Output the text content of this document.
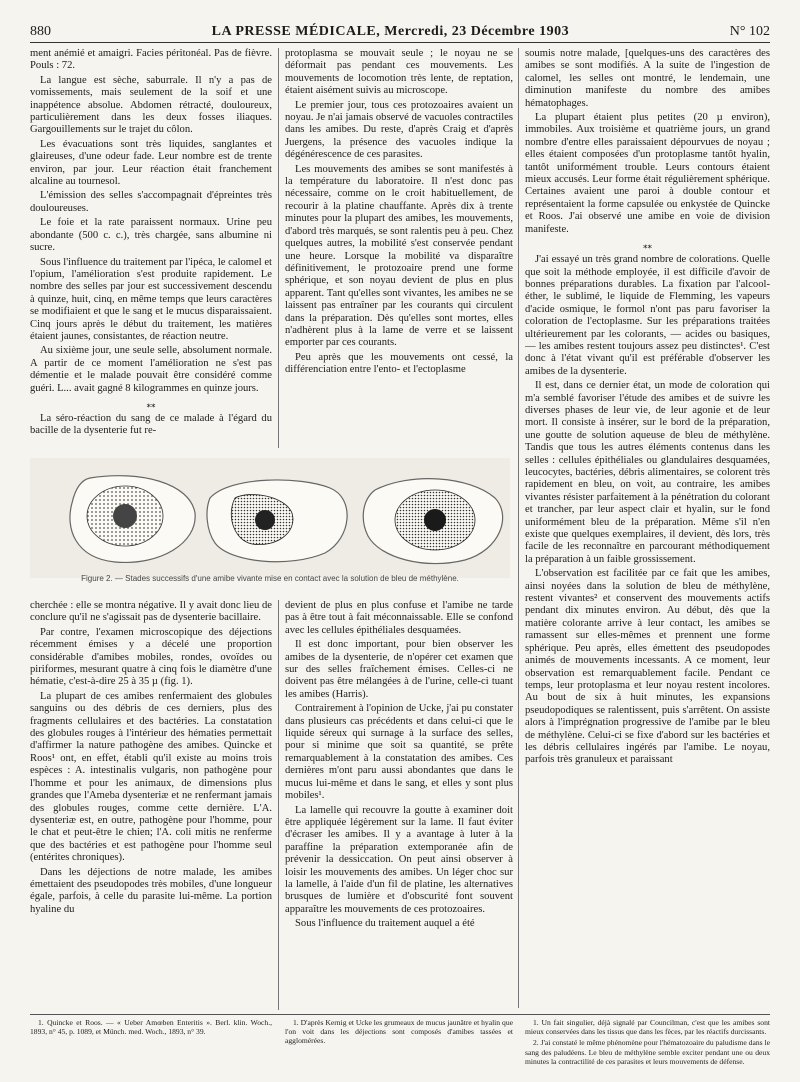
880	LA PRESSE MÉDICALE, Mercredi, 23 Décembre 1903	N° 102

ment anémié et amaigri. Facies péritonéal. Pas de fièvre. Pouls : 72.

La langue est sèche, saburrale. Il n'y a pas de vomissements, mais seulement de la soif et une inappétence absolue. Abdomen rétracté, douloureux, particulièrement dans les deux fosses iliaques. Gargouillements sur le trajet du côlon.

Les évacuations sont très liquides, sanglantes et glaireuses, d'une odeur fade. Leur nombre est de trente environ, par jour. Leur réaction était franchement alcaline au tournesol.

L'émission des selles s'accompagnait d'épreintes très douloureuses.

Le foie et la rate paraissent normaux. Urine peu abondante (500 c. c.), très chargée, sans albumine ni sucre.

Sous l'influence du traitement par l'ipéca, le calomel et l'opium, l'amélioration s'est produite rapidement. Le nombre des selles par jour est successivement descendu à quinze, huit, cinq, en même temps que leurs caractères se modifiaient et que le sang et le mucus disparaissaient. Cinq jours après le début du traitement, les matières étaient jaunes, consistantes, de réaction neutre.

Au sixième jour, une seule selle, absolument normale. A partir de ce moment l'amélioration ne s'est pas démentie et le malade pouvait être considéré comme guéri. L... avait gagné 8 kilogrammes en quinze jours.

⁎⁎

La séro-réaction du sang de ce malade à l'égard du bacille de la dysenterie fut re-

protoplasma se mouvait seule ; le noyau ne se déformait pas pendant ces mouvements. Les mouvements de locomotion très lente, de reptation, étaient aisément suivis au microscope.

Le premier jour, tous ces protozoaires avaient un noyau. Je n'ai jamais observé de vacuoles contractiles dans les amibes. Du reste, d'après Craig et d'après Juergens, la présence des vacuoles indique la dégénérescence de ces parasites.

Les mouvements des amibes se sont manifestés à la température du laboratoire. Il n'est donc pas nécessaire, comme on le croit habituellement, de recourir à la platine chauffante. Après dix à trente minutes pour la plupart des amibes, les mouvements, d'abord très marqués, se sont ralentis peu à peu. Chez quelques autres, la mobilité s'est conservée pendant une heure. Lorsque la mobilité va disparaître définitivement, le protozoaire prend une forme sphérique, et son noyau devient de plus en plus apparent. Tant qu'elles sont vivantes, les amibes ne se laissent pas entraîner par les courants qui circulent dans la préparation. Dès qu'elles sont mortes, elles n'adhèrent plus à la lame de verre et se laissent emporter par ces courants.

Peu après que les mouvements ont cessé, la différenciation entre l'ento- et l'ectoplasme

Figure 2. — Stades successifs d'une amibe vivante mise en contact avec la solution de bleu de méthylène.

soumis notre malade, [quelques-uns des caractères des amibes se sont modifiés. A la suite de l'ingestion de calomel, les selles ont montré, le lendemain, une diminution manifeste du nombre des amibes hématophages.

La plupart étaient plus petites (20 µ environ), immobiles. Aux troisième et quatrième jours, un grand nombre d'entre elles paraissaient dépourvues de noyau ; elles étaient composées d'un protoplasme tantôt hyalin, tantôt uniformément trouble. Leurs contours étaient mieux accusés. Leur forme était régulièrement sphérique. Certaines avaient une paroi à double contour et représentaient la forme capsulée ou enkystée de Quincke et Roos. J'ai observé une amibe en voie de division manifeste.

⁎⁎

J'ai essayé un très grand nombre de colorations. Quelle que soit la méthode employée, il est difficile d'avoir de bonnes préparations durables. La fixation par l'alcool-éther, le sublimé, le liquide de Flemming, les vapeurs d'acide osmique, le formol n'ont pas paru favoriser la coloration de l'ectoplasme. Sur les préparations traitées ultérieurement par les colorants, — acides ou basiques, — les amibes restent toujours assez peu distinctes¹. C'est donc à l'état vivant qu'il est préférable d'observer les amibes de la dysenterie.

Il est, dans ce dernier état, un mode de coloration qui m'a semblé favoriser l'étude des amibes et de suivre les diverses phases de leur vie, de leur agonie et de leur mort. Il consiste à insérer, sur le bord de la préparation, une goutte de solution aqueuse de bleu de méthylène. Tandis que tous les autres éléments contenus dans les selles : cellules épithéliales ou glandulaires desquamées, leucocytes, bactéries, débris alimentaires, se colorent très rapidement en bleu, on voit, au contraire, les amibes vivantes résister parfaitement à la pénétration du colorant et trancher, par leur aspect clair et hyalin, sur le fond uniformément bleu de la préparation. Même s'il n'en existe que quelques exemplaires, il devient, dès lors, très facile de les reconnaître en parcourant méthodiquement la préparation à un faible grossissement.

L'observation est facilitée par ce fait que les amibes, ainsi noyées dans la solution de bleu de méthylène, restent vivantes² et conservent des mouvements actifs pendant dix minutes environ. Au début, dès que la matière colorante arrive à leur contact, les amibes se ramassent sur elles-mêmes et prennent une forme sphérique. Peu après, elles émettent des pseudopodes animés de mouvements incessants. A ce moment, leur observation est remarquablement facile. Pendant ce temps, leur protoplasma et leur noyau restent incolores. Au bout de six à huit minutes, les expansions pseudopodiques se ralentissent, puis s'arrêtent. On assiste alors à l'imprégnation progressive de l'amibe par le bleu de méthylène. Celui-ci se fixe d'abord sur les bactéries et les débris cellulaires ingérés par l'amibe. Le noyau, parfois très granuleux et paraissant

cherchée : elle se montra négative. Il y avait donc lieu de conclure qu'il ne s'agissait pas de dysenterie bacillaire.

Par contre, l'examen microscopique des déjections récemment émises y a décelé une proportion considérable d'amibes mobiles, rondes, ovoïdes ou piriformes, mesurant quatre à cinq fois le diamètre d'une hématie, c'est-à-dire 25 à 35 µ (fig. 1).

La plupart de ces amibes renfermaient des globules sanguins ou des débris de ces derniers, plus des fragments cellulaires et des bactéries. La constatation des globules rouges à l'intérieur des hématies permettait d'affirmer la nature pathogène des amibes. Quincke et Roos¹ ont, en effet, établi qu'il existe au moins trois espèces : A. intestinalis vulgaris, non pathogène pour l'homme et pour les animaux, de dimensions plus grandes que l'Ameba dysenteriæ et ne renfermant jamais des globules rouges, comme cette dernière. L'A. dysenteriæ est, en outre, pathogène pour l'homme, pour le chat et peut-être le chien; l'A. coli mitis ne renferme que des bactéries et est pathogène pour l'homme seul (entérites chroniques).

Dans les déjections de notre malade, les amibes émettaient des pseudopodes très mobiles, d'une longueur égale, parfois, à celle du parasite lui-même. La portion hyaline du

devient de plus en plus confuse et l'amibe ne tarde pas à être tout à fait méconnaissable. Elle se confond avec les cellules épithéliales desquamées.

Il est donc important, pour bien observer les amibes de la dysenterie, de n'opérer cet examen que sur des selles fraîchement émises. Celles-ci ne doivent pas être mélangées à de l'urine, celle-ci tuant les amibes (Harris).

Contrairement à l'opinion de Ucke, j'ai pu constater dans plusieurs cas précédents et dans celui-ci que le liquide séreux qui surnage à la surface des selles, pour si minime que soit sa quantité, se prête remarquablement à la constatation des amibes. Ces dernières m'ont paru aussi abondantes que dans le mucus lui-même et dans le sang, et elles y sont plus mobiles¹.

La lamelle qui recouvre la goutte à examiner doit être appliquée légèrement sur la lame. Il faut éviter d'écraser les amibes. Il y a avantage à luter à la paraffine la préparation extemporanée afin de prévenir la dessiccation. On peut ainsi observer à loisir les mouvements des amibes. Un léger choc sur la lamelle, à l'aide d'un fil de platine, les alternatives brusques de lumière et d'obscurité font souvent apparaître les mouvements de ces protozoaires.

Sous l'influence du traitement auquel a été

1. Quincke et Roos. — « Ueber Amœben Enteritis ». Berl. klin. Woch., 1893, n° 45, p. 1089, et Münch. med. Woch., 1893, n° 39.

1. D'après Kernig et Ucke les grumeaux de mucus jaunâtre et hyalin que l'on voit dans les déjections sont composés d'amibes tassées et agglomérées.

1. Un fait singulier, déjà signalé par Councilman, c'est que les amibes sont mieux conservées dans les tissus que dans les fèces, par les réactifs durcissants.

2. J'ai constaté le même phénomène pour l'hématozoaire du paludisme dans le sang des paludéens. Le bleu de méthylène semble exciter pendant une ou deux minutes la contractilité de ces parasites et leurs mouvements de défense.
